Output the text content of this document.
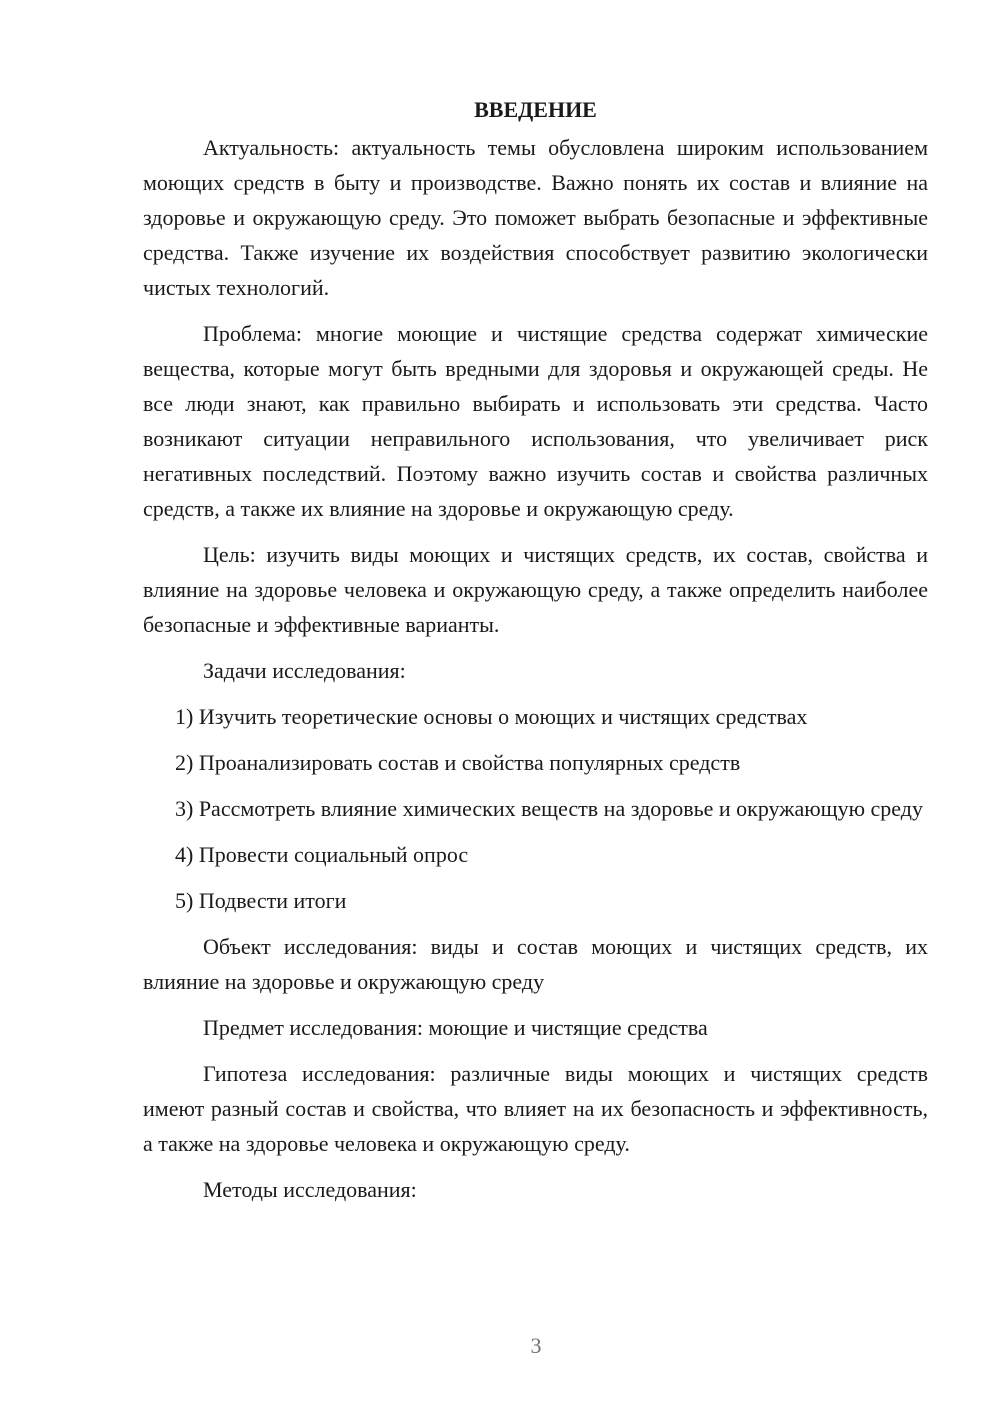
ВВЕДЕНИЕ

Актуальность: актуальность темы обусловлена широким использованием моющих средств в быту и производстве. Важно понять их состав и влияние на здоровье и окружающую среду. Это поможет выбрать безопасные и эффективные средства. Также изучение их воздействия способствует развитию экологически чистых технологий.

Проблема: многие моющие и чистящие средства содержат химические вещества, которые могут быть вредными для здоровья и окружающей среды. Не все люди знают, как правильно выбирать и использовать эти средства. Часто возникают ситуации неправильного использования, что увеличивает риск негативных последствий. Поэтому важно изучить состав и свойства различных средств, а также их влияние на здоровье и окружающую среду.

Цель: изучить виды моющих и чистящих средств, их состав, свойства и влияние на здоровье человека и окружающую среду, а также определить наиболее безопасные и эффективные варианты.

Задачи исследования:

1) Изучить теоретические основы о моющих и чистящих средствах

2) Проанализировать состав и свойства популярных средств

3) Рассмотреть влияние химических веществ на здоровье и окружающую среду

4) Провести социальный опрос

5) Подвести итоги

Объект исследования: виды и состав моющих и чистящих средств, их влияние на здоровье и окружающую среду

Предмет исследования: моющие и чистящие средства

Гипотеза исследования: различные виды моющих и чистящих средств имеют разный состав и свойства, что влияет на их безопасность и эффективность, а также на здоровье человека и окружающую среду.

Методы исследования:

3
